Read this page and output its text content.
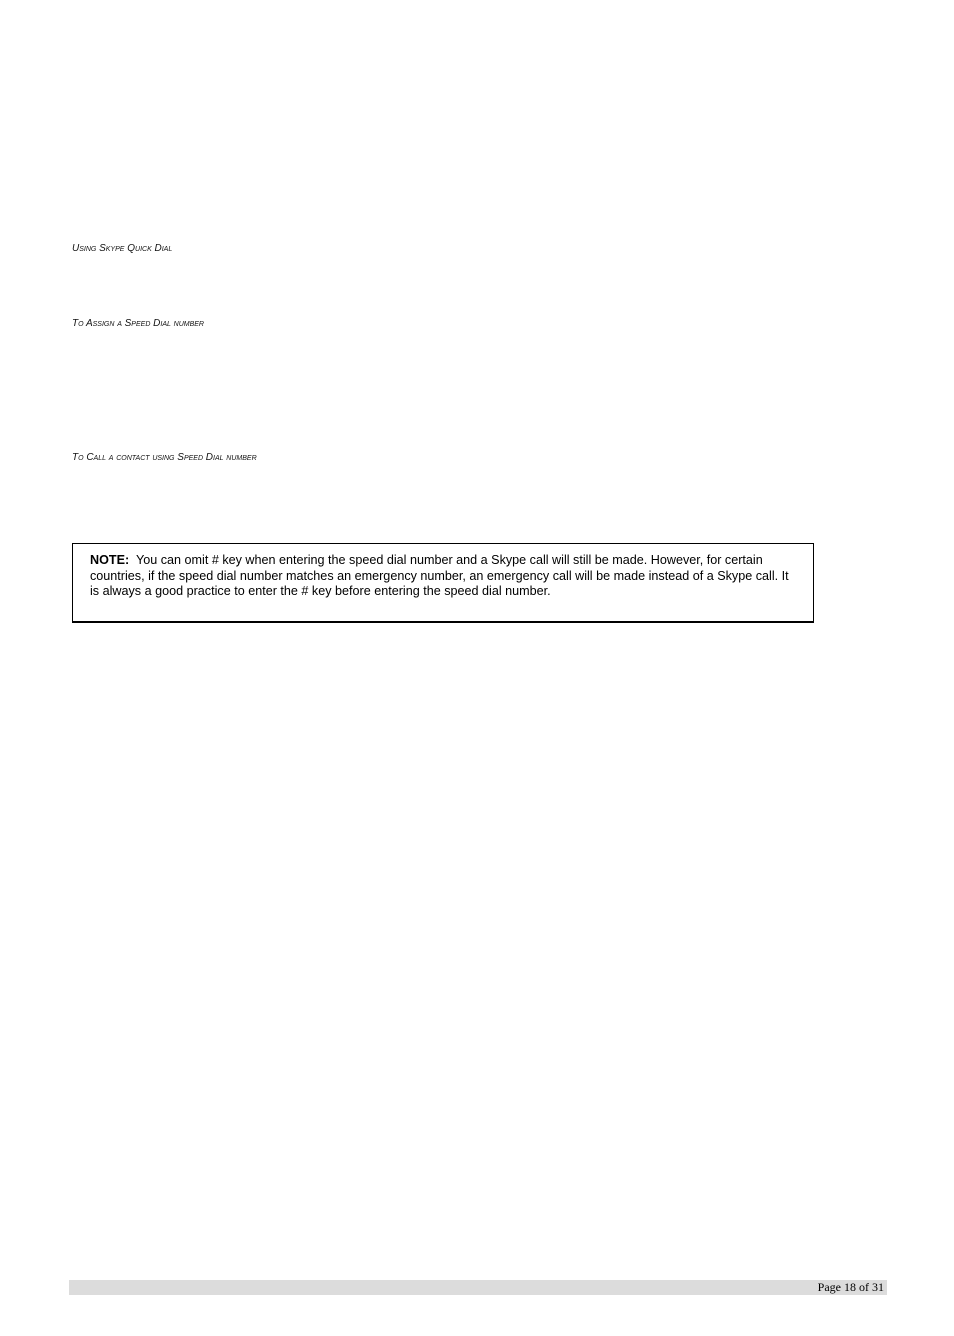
Using Skype Quick Dial
To Assign a Speed Dial number
To Call a contact using Speed Dial number
NOTE: You can omit # key when entering the speed dial number and a Skype call will still be made. However, for certain countries, if the speed dial number matches an emergency number, an emergency call will be made instead of a Skype call. It is always a good practice to enter the # key before entering the speed dial number.
Page 18 of 31
